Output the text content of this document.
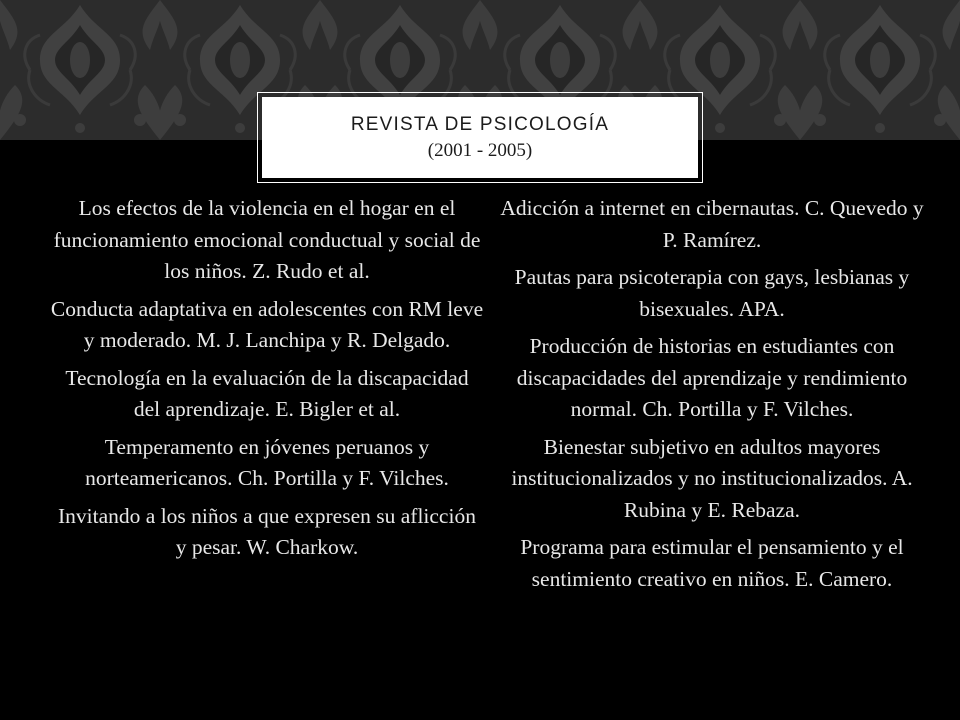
REVISTA DE PSICOLOGÍA
(2001 - 2005)

Los efectos de la violencia en el hogar en el funcionamiento emocional conductual y social de los niños. Z. Rudo et al.

Conducta adaptativa en adolescentes con RM leve y moderado. M. J. Lanchipa y R. Delgado.

Tecnología en la evaluación de la discapacidad del aprendizaje. E. Bigler et al.

Temperamento en jóvenes peruanos y norteamericanos. Ch. Portilla y F. Vilches.

Invitando a los niños a que expresen su aflicción y pesar. W. Charkow.

Adicción a internet en cibernautas. C. Quevedo y P. Ramírez.

Pautas para psicoterapia con gays, lesbianas y bisexuales. APA.

Producción de historias en estudiantes con discapacidades del aprendizaje y rendimiento normal. Ch. Portilla y F. Vilches.

Bienestar subjetivo en adultos mayores institucionalizados y no institucionalizados. A. Rubina y E. Rebaza.

Programa para estimular el pensamiento y el sentimiento creativo en niños. E. Camero.
